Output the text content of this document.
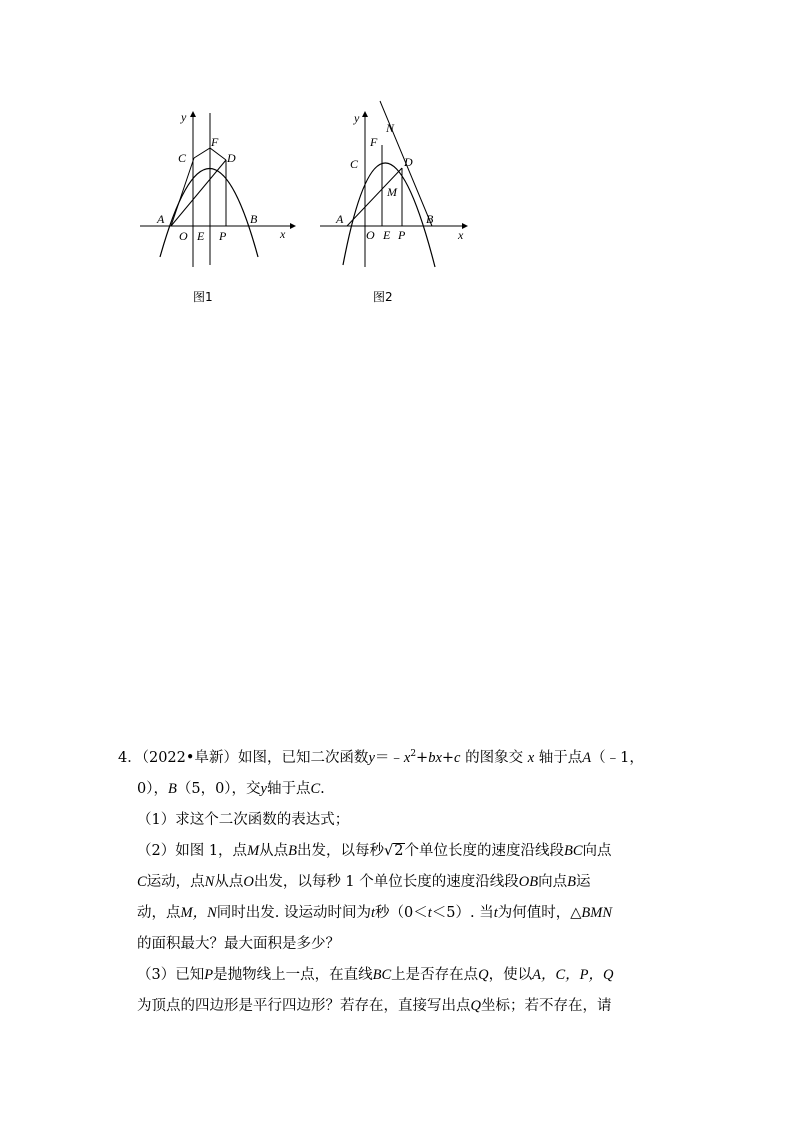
y
x
C
F
D
A	B
O E P
图1
y
x
N
F
C	D
M
A	B
O E P
图2
4．（2022•阜新）如图，已知二次函数$y=﹣x^2+bx+c$ 的图象交 x 轴于点A（﹣1，
0），B（5，0），交y轴于点C.
（1）求这个二次函数的表达式；
（2）如图 1，点M从点B出发，以每秒√2个单位长度的速度沿线段BC向点
C运动，点N从点O出发，以每秒 1 个单位长度的速度沿线段OB向点B运
动，点M，N同时出发. 设运动时间为t秒（0＜t＜5）. 当t为何值时，△BMN
的面积最大？最大面积是多少？
（3）已知P是抛物线上一点，在直线BC上是否存在点Q，使以A，C，P，Q
为顶点的四边形是平行四边形？若存在，直接写出点Q坐标；若不存在，请
